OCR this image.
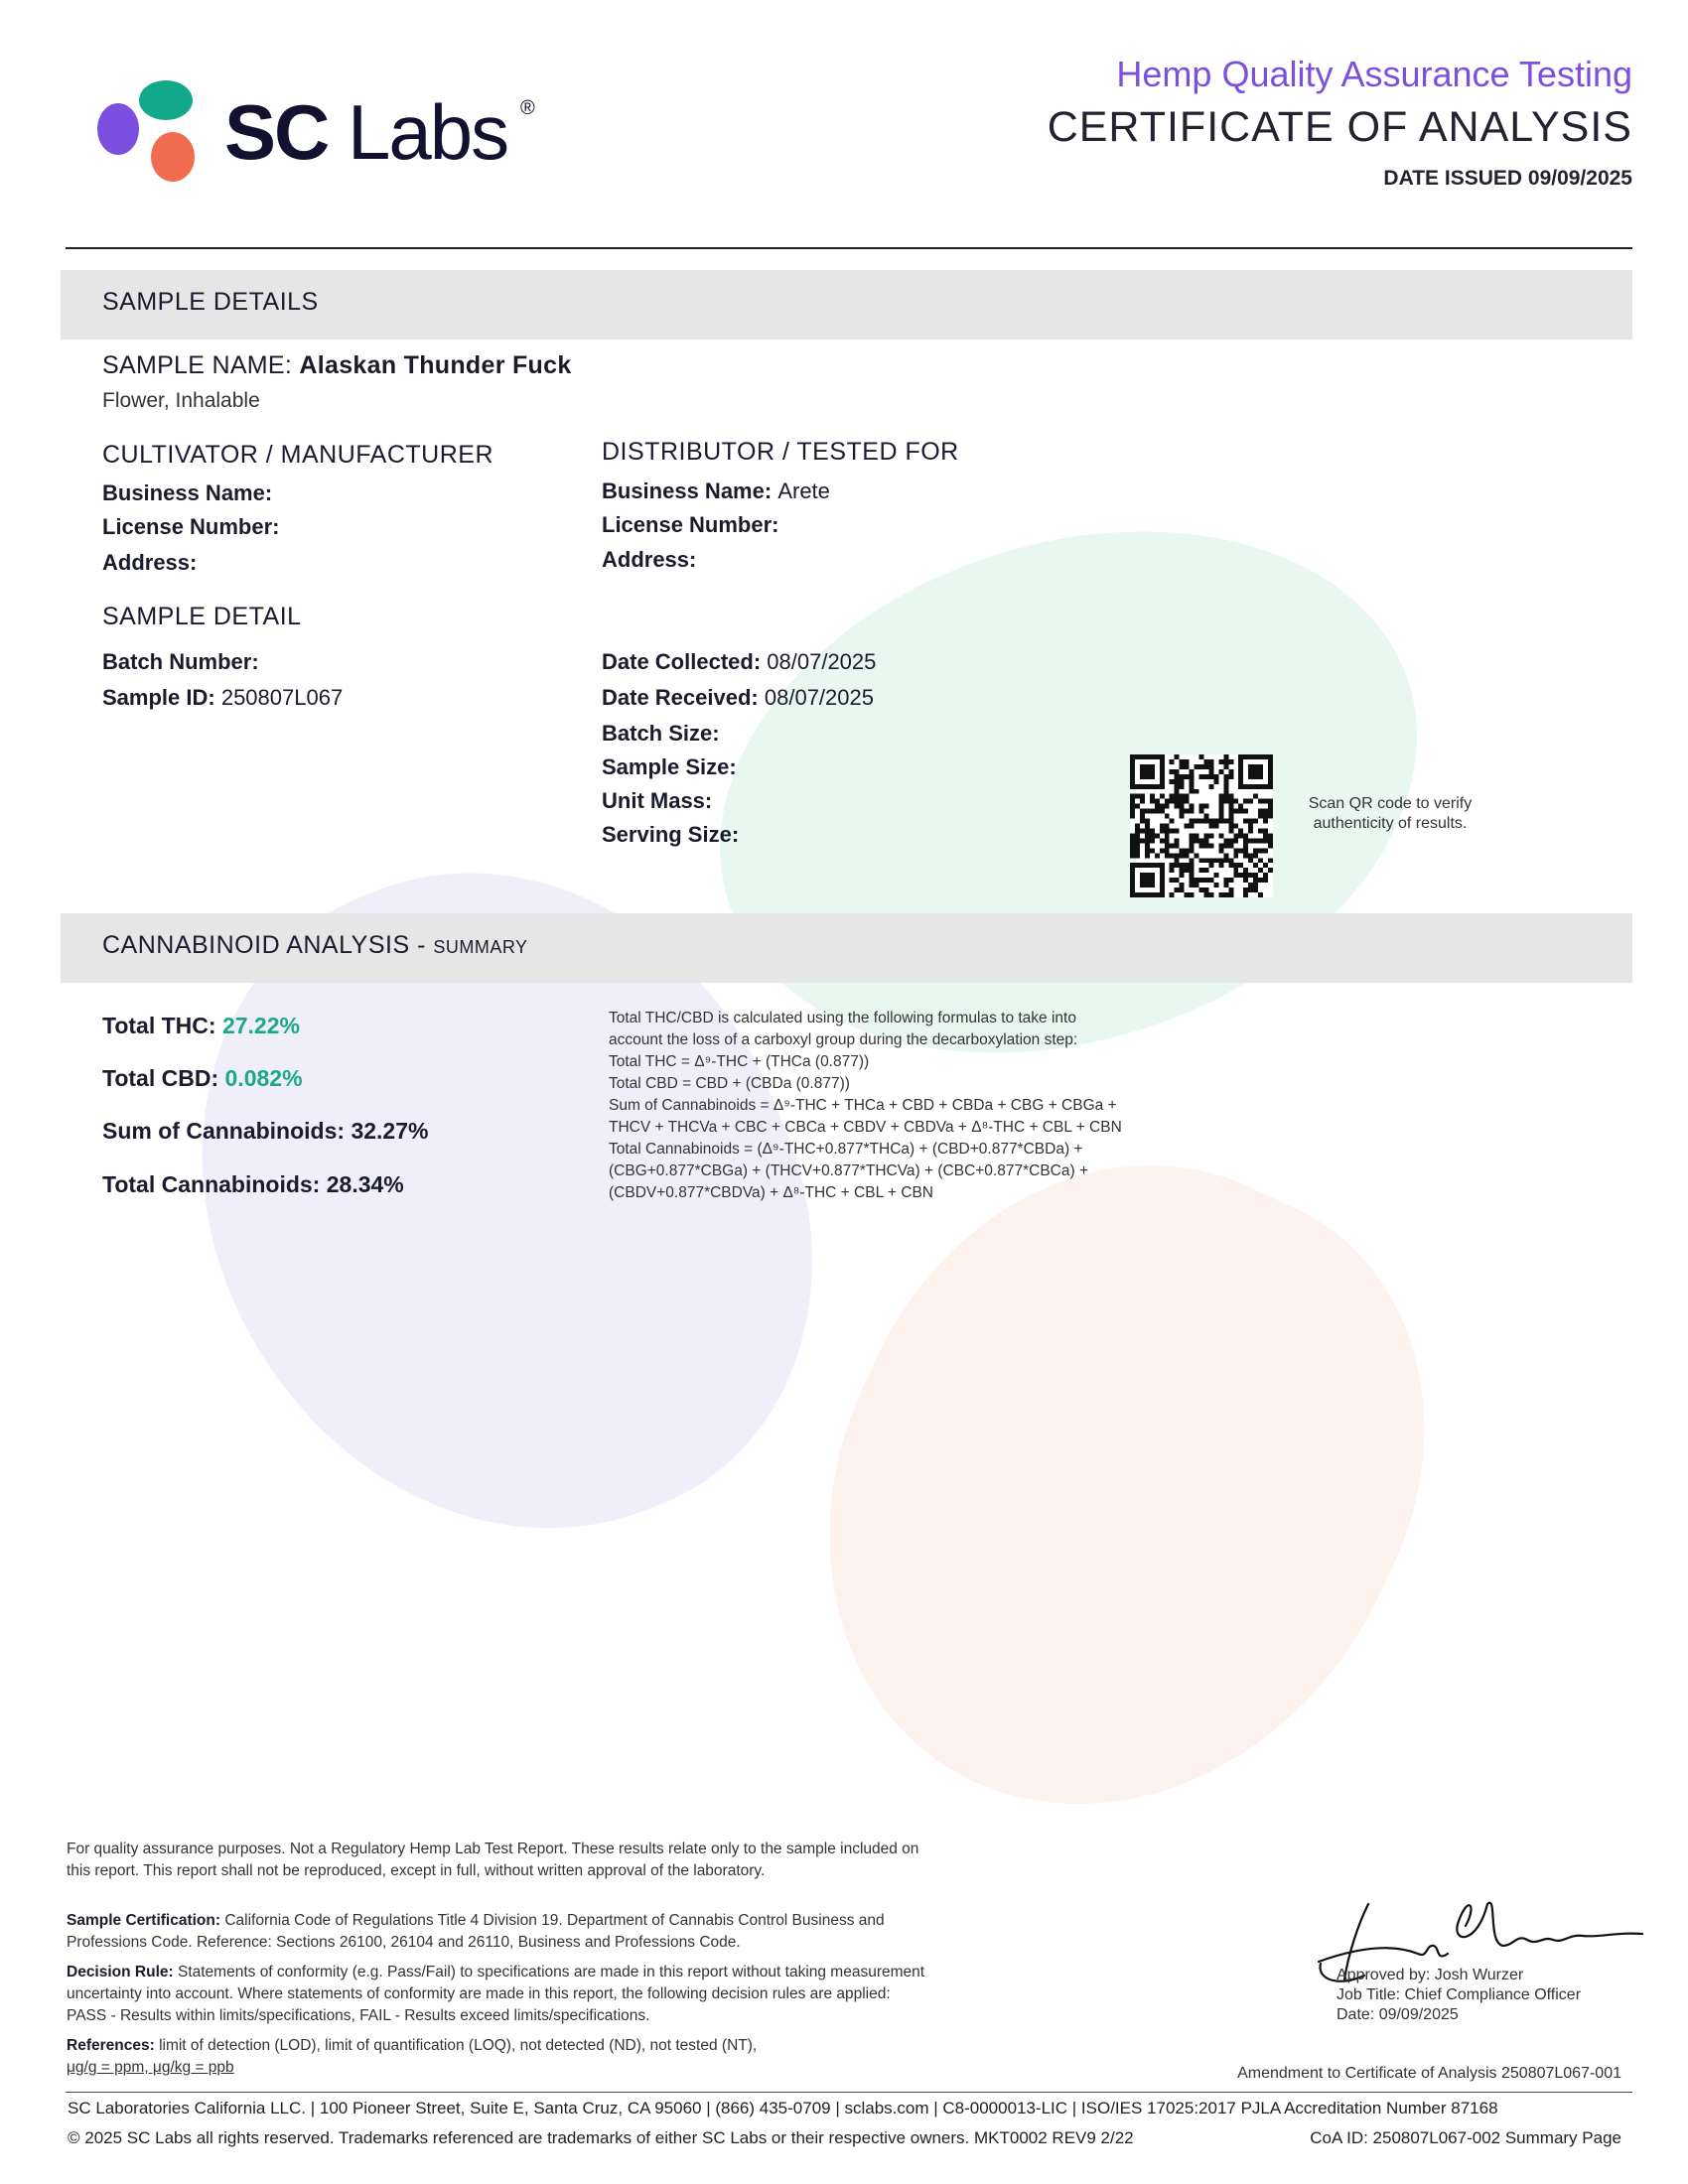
SC Labs ®
Hemp Quality Assurance Testing
CERTIFICATE OF ANALYSIS
DATE ISSUED 09/09/2025
SAMPLE DETAILS
SAMPLE NAME: Alaskan Thunder Fuck
Flower, Inhalable
CULTIVATOR / MANUFACTURER
Business Name:
License Number:
Address:
DISTRIBUTOR / TESTED FOR
Business Name: Arete
License Number:
Address:
SAMPLE DETAIL
Batch Number:
Sample ID: 250807L067
Date Collected: 08/07/2025
Date Received: 08/07/2025
Batch Size:
Sample Size:
Unit Mass:
Serving Size:
Scan QR code to verify authenticity of results.
CANNABINOID ANALYSIS - SUMMARY
Total THC: 27.22%
Total CBD: 0.082%
Sum of Cannabinoids: 32.27%
Total Cannabinoids: 28.34%
Total THC/CBD is calculated using the following formulas to take into
account the loss of a carboxyl group during the decarboxylation step:
Total THC = Δ⁹-THC + (THCa (0.877))
Total CBD = CBD + (CBDa (0.877))
Sum of Cannabinoids = Δ⁹-THC + THCa + CBD + CBDa + CBG + CBGa +
THCV + THCVa + CBC + CBCa + CBDV + CBDVa + Δ⁸-THC + CBL + CBN
Total Cannabinoids = (Δ⁹-THC+0.877*THCa) + (CBD+0.877*CBDa) +
(CBG+0.877*CBGa) + (THCV+0.877*THCVa) + (CBC+0.877*CBCa) +
(CBDV+0.877*CBDVa) + Δ⁸-THC + CBL + CBN
For quality assurance purposes. Not a Regulatory Hemp Lab Test Report. These results relate only to the sample included on this report. This report shall not be reproduced, except in full, without written approval of the laboratory.
Sample Certification: California Code of Regulations Title 4 Division 19. Department of Cannabis Control Business and Professions Code. Reference: Sections 26100, 26104 and 26110, Business and Professions Code.
Decision Rule: Statements of conformity (e.g. Pass/Fail) to specifications are made in this report without taking measurement uncertainty into account. Where statements of conformity are made in this report, the following decision rules are applied: PASS - Results within limits/specifications, FAIL - Results exceed limits/specifications.
References: limit of detection (LOD), limit of quantification (LOQ), not detected (ND), not tested (NT),
μg/g = ppm, μg/kg = ppb
Approved by: Josh Wurzer
Job Title: Chief Compliance Officer
Date: 09/09/2025
Amendment to Certificate of Analysis 250807L067-001
SC Laboratories California LLC. | 100 Pioneer Street, Suite E, Santa Cruz, CA 95060 | (866) 435-0709 | sclabs.com | C8-0000013-LIC | ISO/IES 17025:2017 PJLA Accreditation Number 87168
© 2025 SC Labs all rights reserved. Trademarks referenced are trademarks of either SC Labs or their respective owners. MKT0002 REV9 2/22	CoA ID: 250807L067-002 Summary Page
